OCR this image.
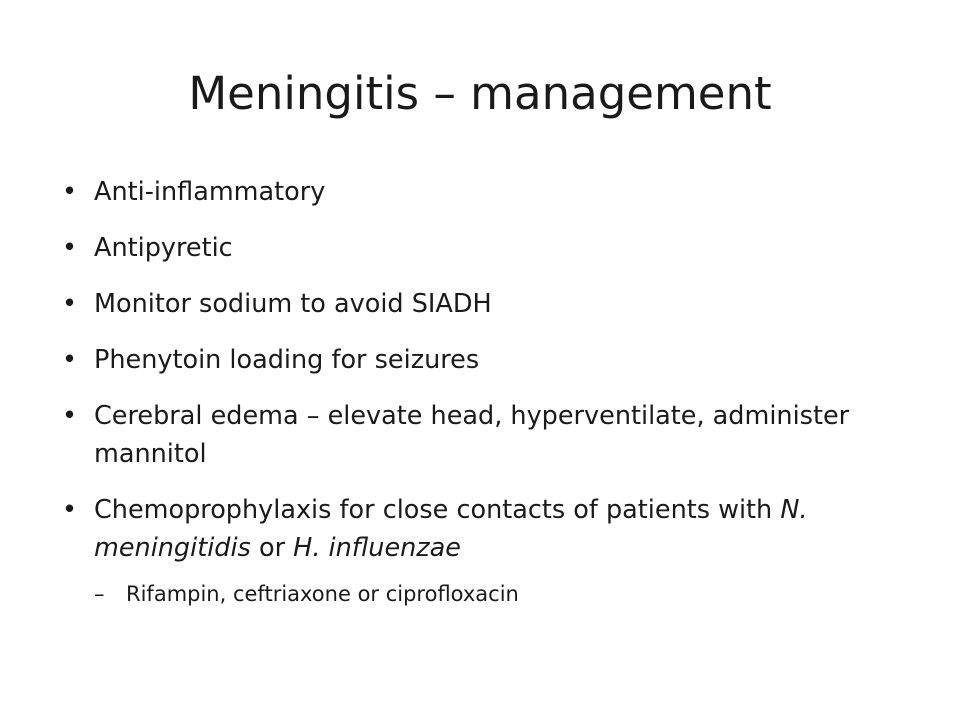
Meningitis – management
• Anti-inflammatory
• Antipyretic
• Monitor sodium to avoid SIADH
• Phenytoin loading for seizures
• Cerebral edema – elevate head, hyperventilate, administer mannitol
• Chemoprophylaxis for close contacts of patients with N. meningitidis or H. influenzae
–	Rifampin, ceftriaxone or ciprofloxacin
